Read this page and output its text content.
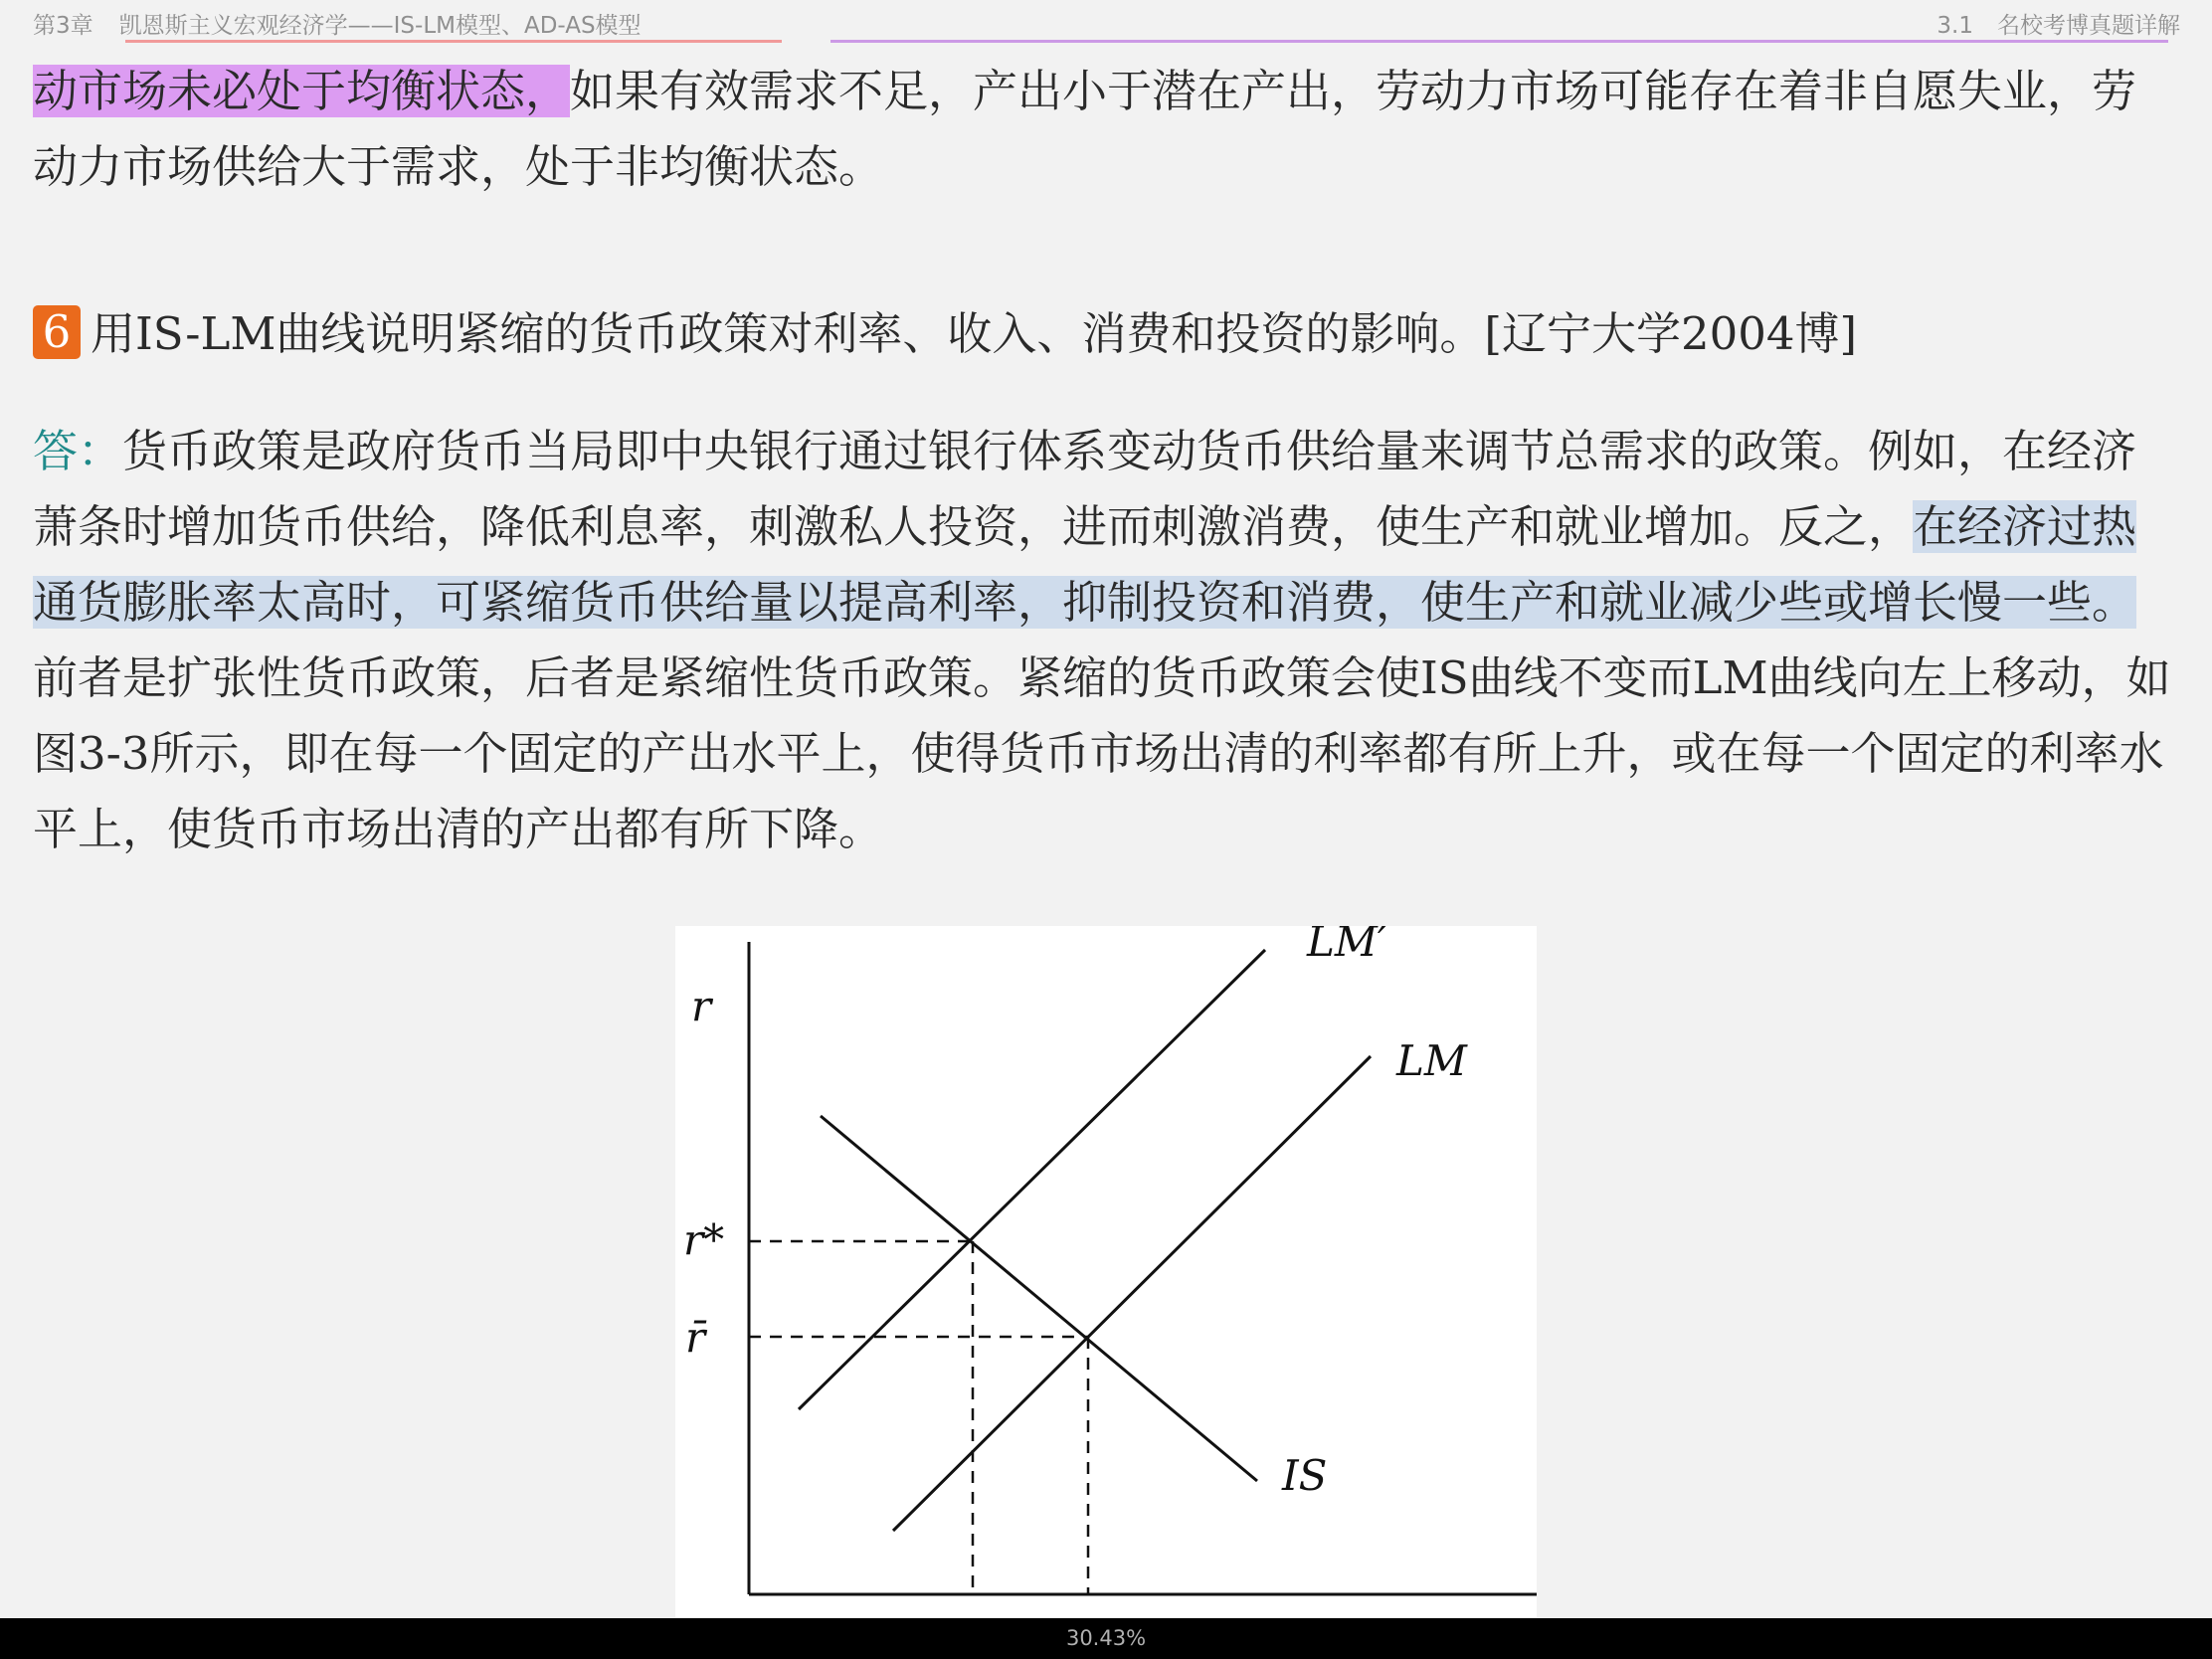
第3章 凯恩斯主义宏观经济学——IS-LM模型、AD-AS模型	3.1 名校考博真题详解

动市场未必处于均衡状态，如果有效需求不足，产出小于潜在产出，劳动力市场可能存在着非自愿失业，劳动力市场供给大于需求，处于非均衡状态。

6 用IS-LM曲线说明紧缩的货币政策对利率、收入、消费和投资的影响。[辽宁大学2004博]

答：货币政策是政府货币当局即中央银行通过银行体系变动货币供给量来调节总需求的政策。例如，在经济萧条时增加货币供给，降低利息率，刺激私人投资，进而刺激消费，使生产和就业增加。反之，在经济过热通货膨胀率太高时，可紧缩货币供给量以提高利率，抑制投资和消费，使生产和就业减少些或增长慢一些。前者是扩张性货币政策，后者是紧缩性货币政策。紧缩的货币政策会使IS曲线不变而LM曲线向左上移动，如图3-3所示，即在每一个固定的产出水平上，使得货币市场出清的利率都有所上升，或在每一个固定的利率水平上，使货币市场出清的产出都有所下降。

r
r*
r̄
LM′
LM
IS
30.43%
